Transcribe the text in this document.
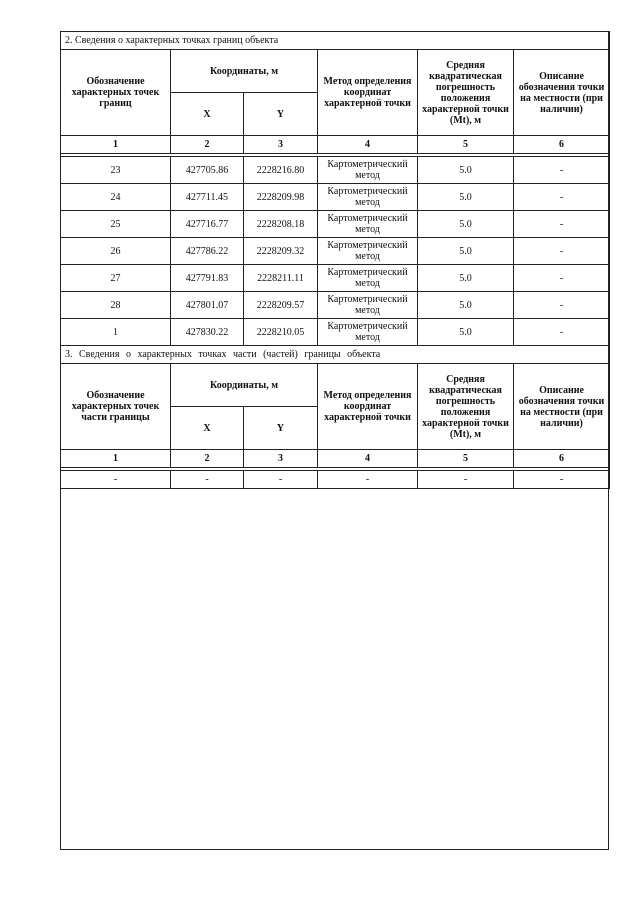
2. Сведения о характерных точках границ объекта					
Обозначение характерных точек границ	Координаты, м		Метод определения координат характерной точки	Средняя квадратическая погрешность положения характерной точки (Mt), м	Описание обозначения точки на местности (при наличии)
	X	Y			
1	2	3	4	5	6

23	427705.86	2228216.80	Картометрический метод	5.0	-
24	427711.45	2228209.98	Картометрический метод	5.0	-
25	427716.77	2228208.18	Картометрический метод	5.0	-
26	427786.22	2228209.32	Картометрический метод	5.0	-
27	427791.83	2228211.11	Картометрический метод	5.0	-
28	427801.07	2228209.57	Картометрический метод	5.0	-
1	427830.22	2228210.05	Картометрический метод	5.0	-
3. Сведения о характерных точках части (частей) границы объекта					
Обозначение характерных точек части границы	Координаты, м		Метод определения координат характерной точки	Средняя квадратическая погрешность положения характерной точки (Mt), м	Описание обозначения точки на местности (при наличии)
	X	Y			
1	2	3	4	5	6

-	-	-	-	-	-
